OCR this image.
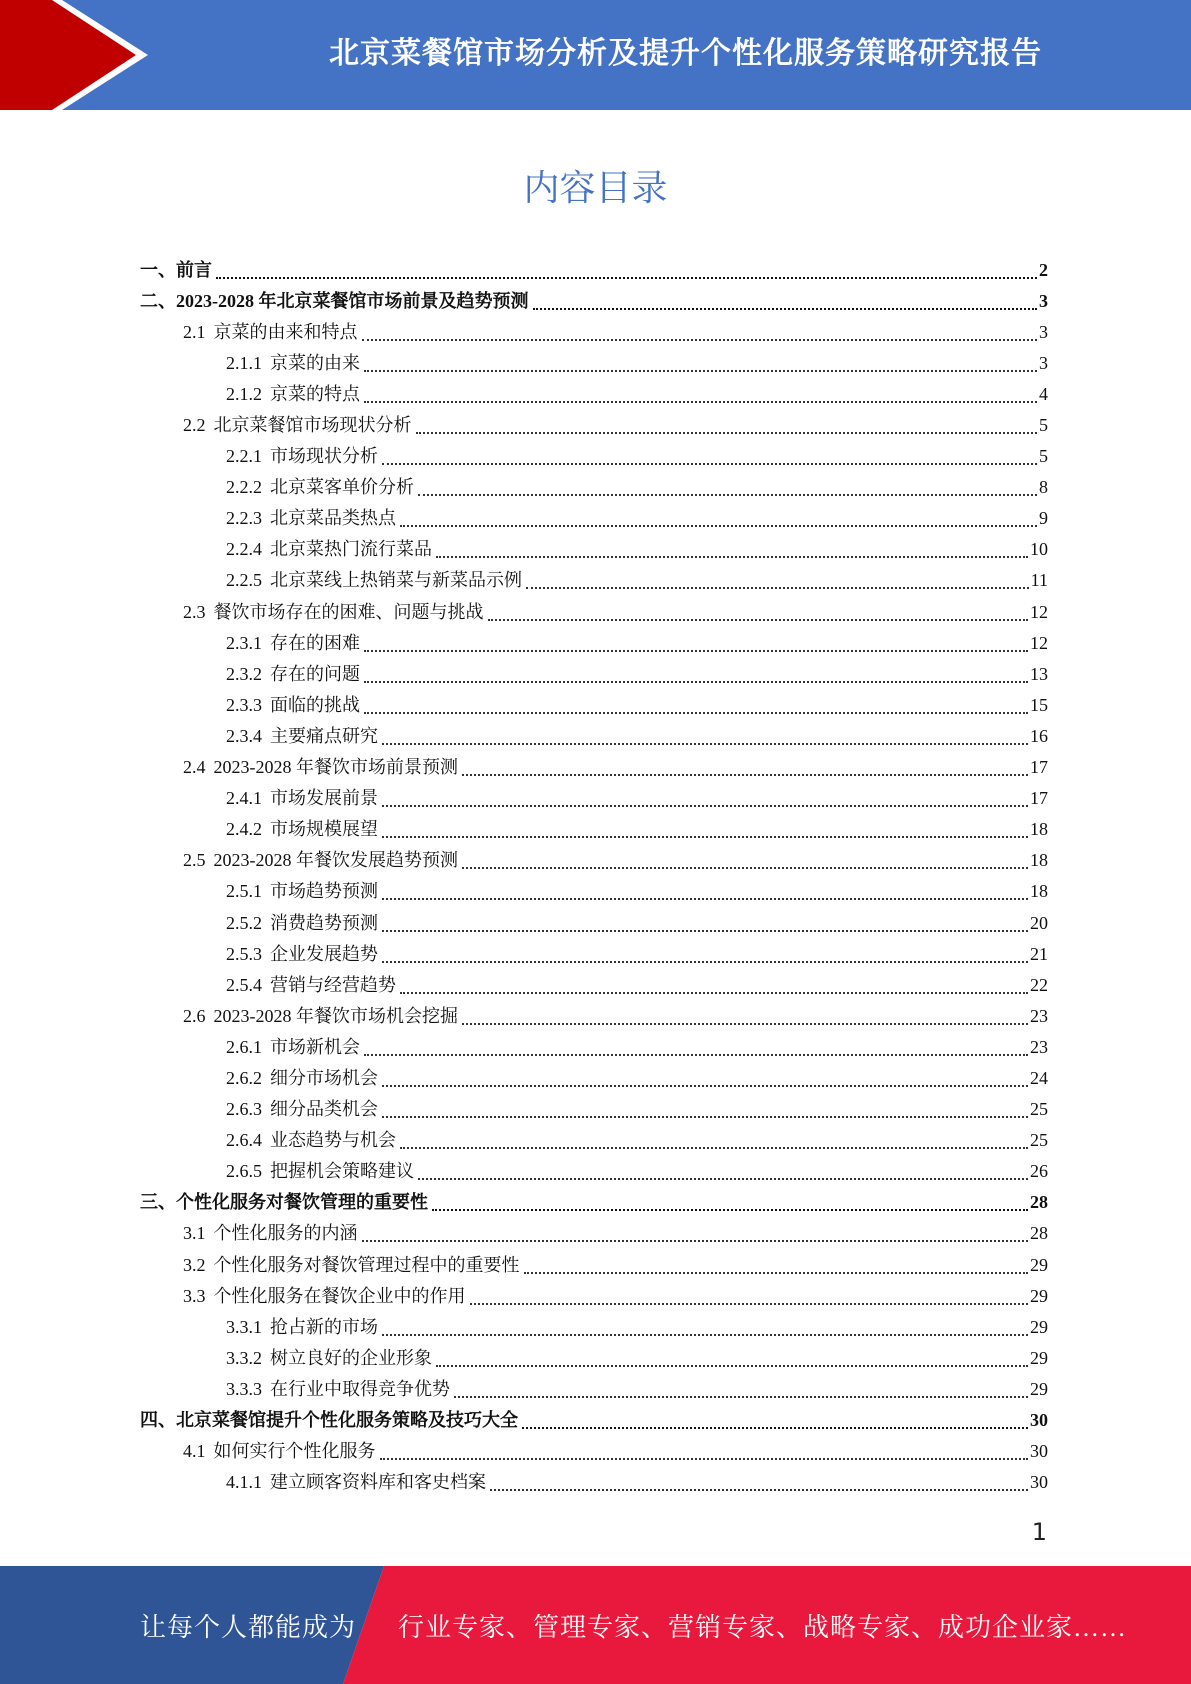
北京菜餐馆市场分析及提升个性化服务策略研究报告
内容目录
一、前言	2
二、2023-2028 年北京菜餐馆市场前景及趋势预测	3
2.1 京菜的由来和特点	3
2.1.1 京菜的由来	3
2.1.2 京菜的特点	4
2.2 北京菜餐馆市场现状分析	5
2.2.1 市场现状分析	5
2.2.2 北京菜客单价分析	8
2.2.3 北京菜品类热点	9
2.2.4 北京菜热门流行菜品	10
2.2.5 北京菜线上热销菜与新菜品示例	11
2.3 餐饮市场存在的困难、问题与挑战	12
2.3.1 存在的困难	12
2.3.2 存在的问题	13
2.3.3 面临的挑战	15
2.3.4 主要痛点研究	16
2.4 2023-2028 年餐饮市场前景预测	17
2.4.1 市场发展前景	17
2.4.2 市场规模展望	18
2.5 2023-2028 年餐饮发展趋势预测	18
2.5.1 市场趋势预测	18
2.5.2 消费趋势预测	20
2.5.3 企业发展趋势	21
2.5.4 营销与经营趋势	22
2.6 2023-2028 年餐饮市场机会挖掘	23
2.6.1 市场新机会	23
2.6.2 细分市场机会	24
2.6.3 细分品类机会	25
2.6.4 业态趋势与机会	25
2.6.5 把握机会策略建议	26
三、个性化服务对餐饮管理的重要性	28
3.1 个性化服务的内涵	28
3.2 个性化服务对餐饮管理过程中的重要性	29
3.3 个性化服务在餐饮企业中的作用	29
3.3.1 抢占新的市场	29
3.3.2 树立良好的企业形象	29
3.3.3 在行业中取得竞争优势	29
四、北京菜餐馆提升个性化服务策略及技巧大全	30
4.1 如何实行个性化服务	30
4.1.1 建立顾客资料库和客史档案	30
1
让每个人都能成为 行业专家、管理专家、营销专家、战略专家、成功企业家……
